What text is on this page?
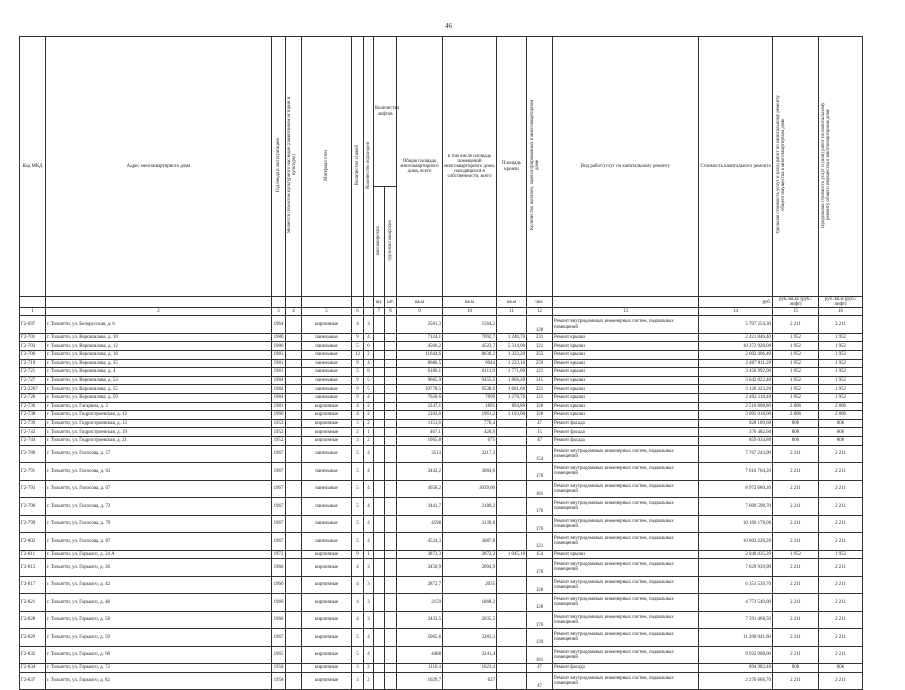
46
Код МКД	Адрес многоквартирного дома	Год ввода в эксплуатацию	Является объектом культурного наследия (памятником истории и культуры)	Материал стен	Количество этажей	Количество подъездов	Количество лифтов		Общая площадь многоквартирного дома, всего	в том числе площадь помещений многоквартирного дома, находящихся в собственности, всего	Площадь кровли	Количество жителей, зарегистрированных в многоквартирном доме	Вид работ/услуг по капитальному ремонту	Стоимость капитального ремонта	Удельная стоимость услуг и (или) работ по капитальному ремонту общего имущества в многоквартирном доме	Предельная стоимость услуг и (или) работ по капитальному ремонту общего имущества в многоквартирном доме
							пассажирских	грузопассажирских								
							шт.	шт.	кв.м	кв.м	кв.м	чел.		руб.	руб./кв.м/ (руб./лифт)	руб./кв.м (руб./лифт)
1	2	3	4	5	6		7	8	9	10	11	12	13	14	15	16
Г2-697	г. Тольятти, ул. Белорусская, д. 6	1964		кирпичные	4	3			2581,3	1564,2		128	Ремонт внутридомовых инженерных систем, подвальных помещений	5 707 254,30	2 211	2 211
Г2-701	г. Тольятти, ул. Ворошилова, д. 10	1980		панельные	9	4			7124,1	7092,7	1 240,70	231	Ремонт крыши	2 421 846,40	1 952	1 952
Г2-703	г. Тольятти, ул. Ворошилова, д. 12	1980		панельные	5	6			4566,2	4523,7	5 314,00	121	Ремонт крыши	10 372 928,00	1 952	1 952
Г2-706	г. Тольятти, ул. Ворошилова, д. 18	1983		панельные	12	2			11644,6	8638,2	1 333,20	355	Ремонт крыши	2 602 406,40	1 952	1 952
Г2-719	г. Тольятти, ул. Ворошилова, д. 35	1981		панельные	9	4			8686,5	6944	1 233,10	259	Ремонт крыши	2 407 011,20	1 952	1 952
Г2-721	г. Тольятти, ул. Ворошилова, д. 4	1981		панельные	5	8			6186,1	6111,9	1 771,00	121	Ремонт крыши	3 456 992,00	1 952	1 952
Г2-727	г. Тольятти, ул. Ворошилова, д. 53	1984		панельные	9	5			9665,9	9455,5	1 866,20	311	Ремонт крыши	3 642 822,40	1 952	1 952
Г2-2267	г. Тольятти, ул. Ворошилова, д. 55	1984		панельные	9	5			10778,5	9538,6	1 601,60	321	Ремонт крыши	3 126 323,20	1 952	1 952
Г2-728	г. Тольятти, ул. Ворошилова, д. 59	1984		панельные	9	4			7620,6	7699	1 276,70	121	Ремонт крыши	2 492 118,40	1 952	1 952
Г2-736	г. Тольятти, ул. Гагарина, д. 2	1981		кирпичные	4	2			2247,1	1895	894,80	128	Ремонт крыши	2 510 808,80	2 806	2 806
Г2-738	г. Тольятти, ул. Гидростроевская, д. 12	1960		кирпичные	4	2			2103,6	1961,2	1 103,00	128	Ремонт крыши	3 095 018,00	2 806	2 806
Г2-739	г. Тольятти, ул. Гидростроевская, д. 13	1953		кирпичные	3	2			1151,6	776,4		47	Ремонт фасада	928 189,60	806	806
Г2-742	г. Тольятти, ул. Гидростроевская, д. 19	1952		кирпичные	2	1			467,1	426,9		15	Ремонт фасада	376 482,60	806	806
Г2-744	г. Тольятти, ул. Гидростроевская, д. 21	1952		кирпичные	3	2			1065,8	675		47	Ремонт фасада	859 034,80	806	806
Г2-786	г. Тольятти, ул. Голосова, д. 57	1967		панельные	5	4			3513	3217,3		154	Ремонт внутридомовых инженерных систем, подвальных помещений	7 767 243,00	2 211	2 211
Г2-791	г. Тольятти, ул. Голосова, д. 63	1967		панельные	5	4			3442,2	3084,6		176	Ремонт внутридомовых инженерных систем, подвальных помещений	7 610 704,20	2 211	2 211
Г2-793	г. Тольятти, ул. Голосова, д. 67	1967		панельные	5	4			4058,2	3039,06		181	Ремонт внутридомовых инженерных систем, подвальных помещений	8 972 680,20	2 211	2 211
Г2-796	г. Тольятти, ул. Голосова, д. 73	1967		панельные	5	4			3441,7	3180,2		176	Ремонт внутридомовых инженерных систем, подвальных помещений	7 609 598,70	2 211	2 211
Г2-799	г. Тольятти, ул. Голосова, д. 79	1967		панельные	5	4			4598	3139,8		176	Ремонт внутридомовых инженерных систем, подвальных помещений	10 166 178,00	2 211	2 211
Г2-802	г. Тольятти, ул. Голосова, д. 87	1967		панельные	5	4			4524,3	3087,8		121	Ремонт внутридомовых инженерных систем, подвальных помещений	10 003 226,20	2 211	2 211
Г2-811	г. Тольятти, ул. Горького, д. 24 А	1972		кирпичные	9	1			3873,3	2872,2	1 045,10	154	Ремонт крыши	2 040 035,20	1 952	1 952
Г2-813	г. Тольятти, ул. Горького, д. 36	1966		кирпичные	4	3			3450,9	2094,9		176	Ремонт внутридомовых инженерных систем, подвальных помещений	7 629 939,90	2 211	2 211
Г2-817	г. Тольятти, ул. Горького, д. 42	1966		кирпичные	4	3			2872,7	2035		128	Ремонт внутридомовых инженерных систем, подвальных помещений	6 351 539,70	2 211	2 211
Г2-821	г. Тольятти, ул. Горького, д. 48	1966		кирпичные	4	3			2159	1868,3		128	Ремонт внутридомовых инженерных систем, подвальных помещений	4 773 549,00	2 211	2 211
Г2-828	г. Тольятти, ул. Горького, д. 58	1966		кирпичные	4	3			3433,5	2035,5		176	Ремонт внутридомовых инженерных систем, подвальных помещений	7 591 468,50	2 211	2 211
Г2-829	г. Тольятти, ул. Горького, д. 59	1967		кирпичные	5	4			5065,6	3283,3		139	Ремонт внутридомовых инженерных систем, подвальных помещений	11 200 041,60	2 211	2 211
Г2-832	г. Тольятти, ул. Горького, д. 68	1965		кирпичные	5	4			4488	3241,4		181	Ремонт внутридомовых инженерных систем, подвальных помещений	9 922 968,00	2 211	2 211
Г2-834	г. Тольятти, ул. Горького, д. 72	1958		кирпичные	3	2			1110,4	1023,4		47	Ремонт фасада	894 982,40	806	806
Г2-837	г. Тольятти, ул. Горького, д. 82	1958		кирпичные	3	2			1029,7	627		47	Ремонт внутридомовых инженерных систем, подвальных помещений	2 276 666,70	2 211	2 211
